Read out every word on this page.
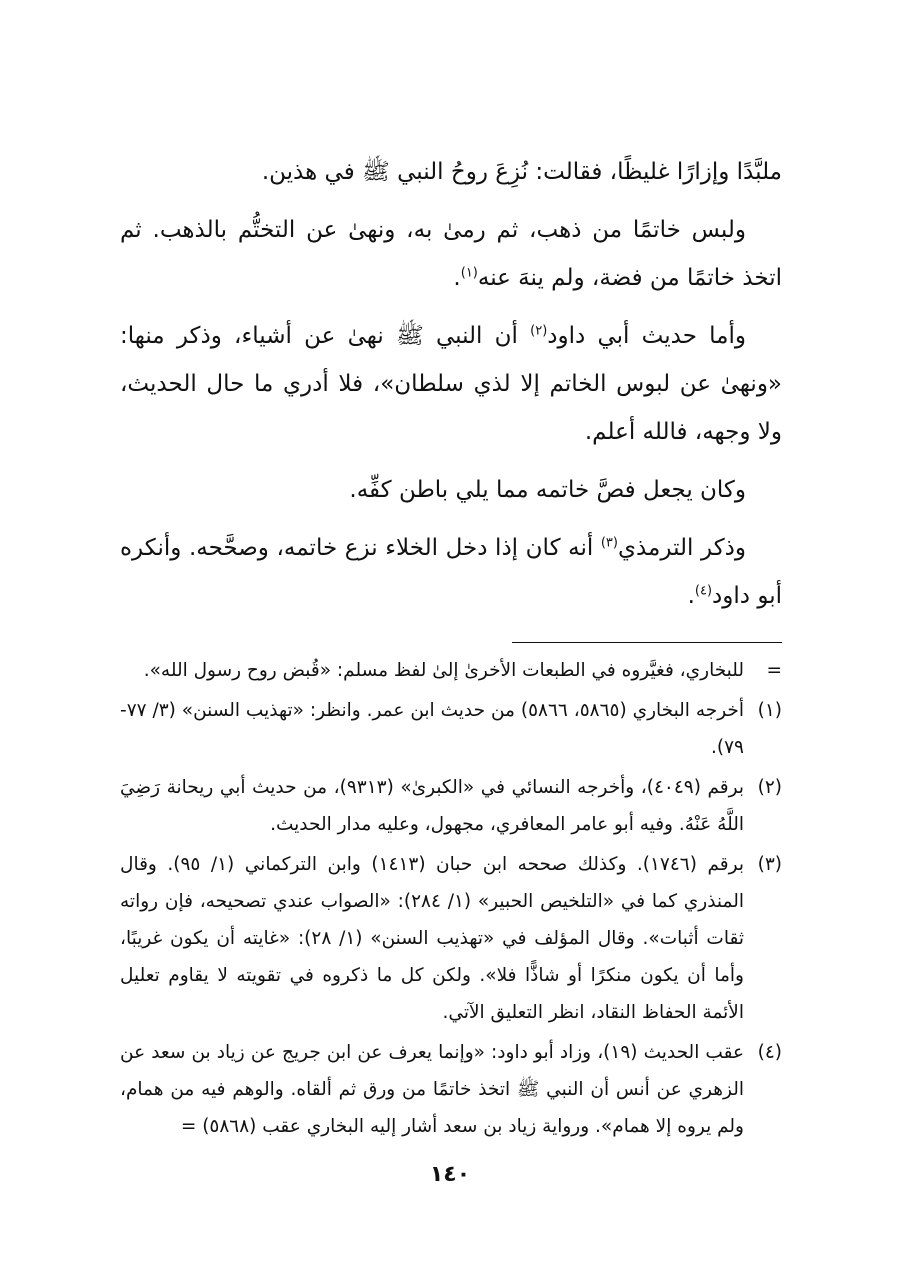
ملبَّدًا وإزارًا غليظًا، فقالت: نُزِعَ روحُ النبي ﷺ في هذين.

ولبس خاتمًا من ذهب، ثم رمىٰ به، ونهىٰ عن التختُّم بالذهب. ثم اتخذ خاتمًا من فضة، ولم ينهَ عنه$^{(١)}$.

وأما حديث أبي داود$^{(٢)}$ أن النبي ﷺ نهىٰ عن أشياء، وذكر منها: «ونهىٰ عن لبوس الخاتم إلا لذي سلطان»، فلا أدري ما حال الحديث، ولا وجهه، فالله أعلم.

وكان يجعل فصَّ خاتمه مما يلي باطن كفِّه.

وذكر الترمذي$^{(٣)}$ أنه كان إذا دخل الخلاء نزع خاتمه، وصحَّحه. وأنكره أبو داود$^{(٤)}$.

=
للبخاري، فغيَّروه في الطبعات الأخرىٰ إلىٰ لفظ مسلم: «قُبض روح رسول الله».
(١)
أخرجه البخاري (٥٨٦٥، ٥٨٦٦) من حديث ابن عمر. وانظر: «تهذيب السنن» (٣/ ٧٧- ٧٩).
(٢)
برقم (٤٠٤٩)، وأخرجه النسائي في «الكبرىٰ» (٩٣١٣)، من حديث أبي ريحانة رَضِيَ اللَّهُ عَنْهُ. وفيه أبو عامر المعافري، مجهول، وعليه مدار الحديث.
(٣)
برقم (١٧٤٦). وكذلك صححه ابن حبان (١٤١٣) وابن التركماني (١/ ٩٥). وقال المنذري كما في «التلخيص الحبير» (١/ ٢٨٤): «الصواب عندي تصحيحه، فإن رواته ثقات أثبات». وقال المؤلف في «تهذيب السنن» (١/ ٢٨): «غايته أن يكون غريبًا، وأما أن يكون منكرًا أو شاذًّا فلا». ولكن كل ما ذكروه في تقويته لا يقاوم تعليل الأئمة الحفاظ النقاد، انظر التعليق الآتي.
(٤)
عقب الحديث (١٩)، وزاد أبو داود: «وإنما يعرف عن ابن جريج عن زياد بن سعد عن الزهري عن أنس أن النبي ﷺ اتخذ خاتمًا من ورق ثم ألقاه. والوهم فيه من همام، ولم يروه إلا همام». ورواية زياد بن سعد أشار إليه البخاري عقب (٥٨٦٨) =
١٤٠
